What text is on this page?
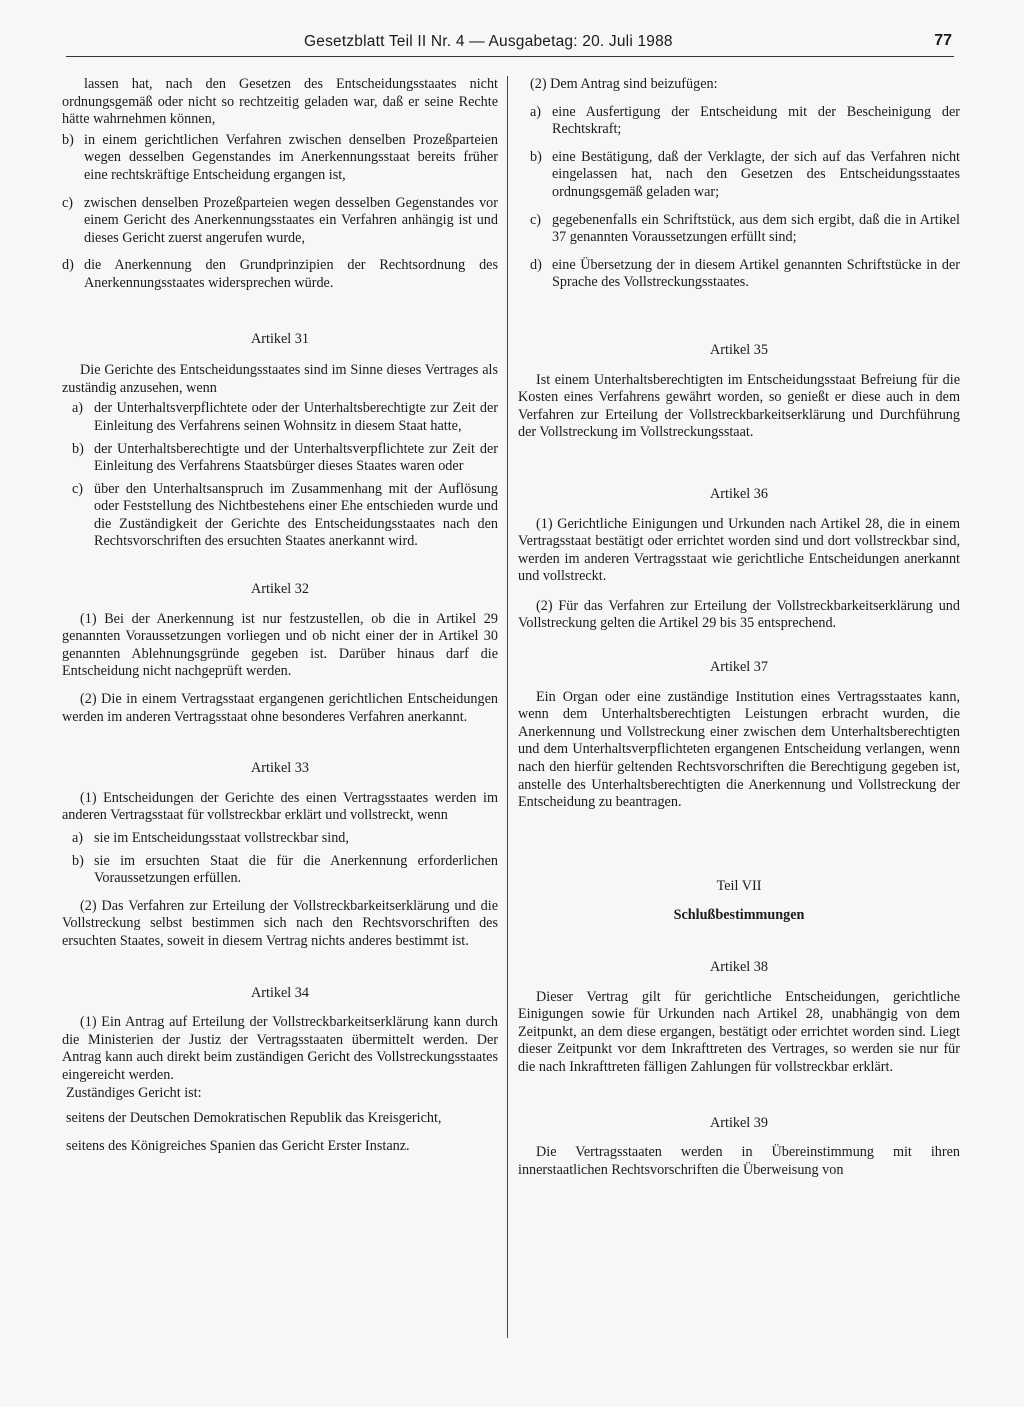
Gesetzblatt Teil II Nr. 4 — Ausgabetag: 20. Juli 1988	77

lassen hat, nach den Gesetzen des Entscheidungsstaates nicht ordnungsgemäß oder nicht so rechtzeitig geladen war, daß er seine Rechte hätte wahrnehmen können,

b) in einem gerichtlichen Verfahren zwischen denselben Prozeßparteien wegen desselben Gegenstandes im Anerkennungsstaat bereits früher eine rechtskräftige Entscheidung ergangen ist,
c) zwischen denselben Prozeßparteien wegen desselben Gegenstandes vor einem Gericht des Anerkennungsstaates ein Verfahren anhängig ist und dieses Gericht zuerst angerufen wurde,
d) die Anerkennung den Grundprinzipien der Rechtsordnung des Anerkennungsstaates widersprechen würde.

Artikel 31

Die Gerichte des Entscheidungsstaates sind im Sinne dieses Vertrages als zuständig anzusehen, wenn

a) der Unterhaltsverpflichtete oder der Unterhaltsberechtigte zur Zeit der Einleitung des Verfahrens seinen Wohnsitz in diesem Staat hatte,
b) der Unterhaltsberechtigte und der Unterhaltsverpflichtete zur Zeit der Einleitung des Verfahrens Staatsbürger dieses Staates waren oder
c) über den Unterhaltsanspruch im Zusammenhang mit der Auflösung oder Feststellung des Nichtbestehens einer Ehe entschieden wurde und die Zuständigkeit der Gerichte des Entscheidungsstaates nach den Rechtsvorschriften des ersuchten Staates anerkannt wird.

Artikel 32

(1) Bei der Anerkennung ist nur festzustellen, ob die in Artikel 29 genannten Voraussetzungen vorliegen und ob nicht einer der in Artikel 30 genannten Ablehnungsgründe gegeben ist. Darüber hinaus darf die Entscheidung nicht nachgeprüft werden.

(2) Die in einem Vertragsstaat ergangenen gerichtlichen Entscheidungen werden im anderen Vertragsstaat ohne besonderes Verfahren anerkannt.

Artikel 33

(1) Entscheidungen der Gerichte des einen Vertragsstaates werden im anderen Vertragsstaat für vollstreckbar erklärt und vollstreckt, wenn

a) sie im Entscheidungsstaat vollstreckbar sind,
b) sie im ersuchten Staat die für die Anerkennung erforderlichen Voraussetzungen erfüllen.

(2) Das Verfahren zur Erteilung der Vollstreckbarkeitserklärung und die Vollstreckung selbst bestimmen sich nach den Rechtsvorschriften des ersuchten Staates, soweit in diesem Vertrag nichts anderes bestimmt ist.

Artikel 34

(1) Ein Antrag auf Erteilung der Vollstreckbarkeitserklärung kann durch die Ministerien der Justiz der Vertragsstaaten übermittelt werden. Der Antrag kann auch direkt beim zuständigen Gericht des Vollstreckungsstaates eingereicht werden.

Zuständiges Gericht ist:

seitens der Deutschen Demokratischen Republik das Kreisgericht,

seitens des Königreiches Spanien das Gericht Erster Instanz.

(2) Dem Antrag sind beizufügen:

a) eine Ausfertigung der Entscheidung mit der Bescheinigung der Rechtskraft;
b) eine Bestätigung, daß der Verklagte, der sich auf das Verfahren nicht eingelassen hat, nach den Gesetzen des Entscheidungsstaates ordnungsgemäß geladen war;
c) gegebenenfalls ein Schriftstück, aus dem sich ergibt, daß die in Artikel 37 genannten Voraussetzungen erfüllt sind;
d) eine Übersetzung der in diesem Artikel genannten Schriftstücke in der Sprache des Vollstreckungsstaates.

Artikel 35

Ist einem Unterhaltsberechtigten im Entscheidungsstaat Befreiung für die Kosten eines Verfahrens gewährt worden, so genießt er diese auch in dem Verfahren zur Erteilung der Vollstreckbarkeitserklärung und Durchführung der Vollstreckung im Vollstreckungsstaat.

Artikel 36

(1) Gerichtliche Einigungen und Urkunden nach Artikel 28, die in einem Vertragsstaat bestätigt oder errichtet worden sind und dort vollstreckbar sind, werden im anderen Vertragsstaat wie gerichtliche Entscheidungen anerkannt und vollstreckt.

(2) Für das Verfahren zur Erteilung der Vollstreckbarkeitserklärung und Vollstreckung gelten die Artikel 29 bis 35 entsprechend.

Artikel 37

Ein Organ oder eine zuständige Institution eines Vertragsstaates kann, wenn dem Unterhaltsberechtigten Leistungen erbracht wurden, die Anerkennung und Vollstreckung einer zwischen dem Unterhaltsberechtigten und dem Unterhaltsverpflichteten ergangenen Entscheidung verlangen, wenn nach den hierfür geltenden Rechtsvorschriften die Berechtigung gegeben ist, anstelle des Unterhaltsberechtigten die Anerkennung und Vollstreckung der Entscheidung zu beantragen.

Teil VII

Schlußbestimmungen

Artikel 38

Dieser Vertrag gilt für gerichtliche Entscheidungen, gerichtliche Einigungen sowie für Urkunden nach Artikel 28, unabhängig von dem Zeitpunkt, an dem diese ergangen, bestätigt oder errichtet worden sind. Liegt dieser Zeitpunkt vor dem Inkrafttreten des Vertrages, so werden sie nur für die nach Inkrafttreten fälligen Zahlungen für vollstreckbar erklärt.

Artikel 39

Die Vertragsstaaten werden in Übereinstimmung mit ihren innerstaatlichen Rechtsvorschriften die Überweisung von
